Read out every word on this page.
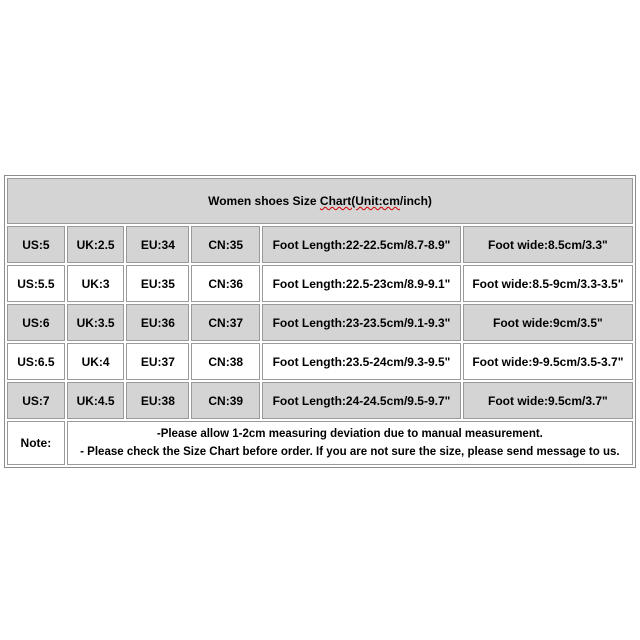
Women shoes Size Chart(Unit:cm/inch)					
US:5	UK:2.5	EU:34	CN:35	Foot Length:22-22.5cm/8.7-8.9"	Foot wide:8.5cm/3.3"
US:5.5	UK:3	EU:35	CN:36	Foot Length:22.5-23cm/8.9-9.1"	Foot wide:8.5-9cm/3.3-3.5"
US:6	UK:3.5	EU:36	CN:37	Foot Length:23-23.5cm/9.1-9.3"	Foot wide:9cm/3.5"
US:6.5	UK:4	EU:37	CN:38	Foot Length:23.5-24cm/9.3-9.5"	Foot wide:9-9.5cm/3.5-3.7"
US:7	UK:4.5	EU:38	CN:39	Foot Length:24-24.5cm/9.5-9.7"	Foot wide:9.5cm/3.7"
Note:	-Please allow 1-2cm measuring deviation due to manual measurement.
- Please check the Size Chart before order. If you are not sure the size, please send message to us.				
